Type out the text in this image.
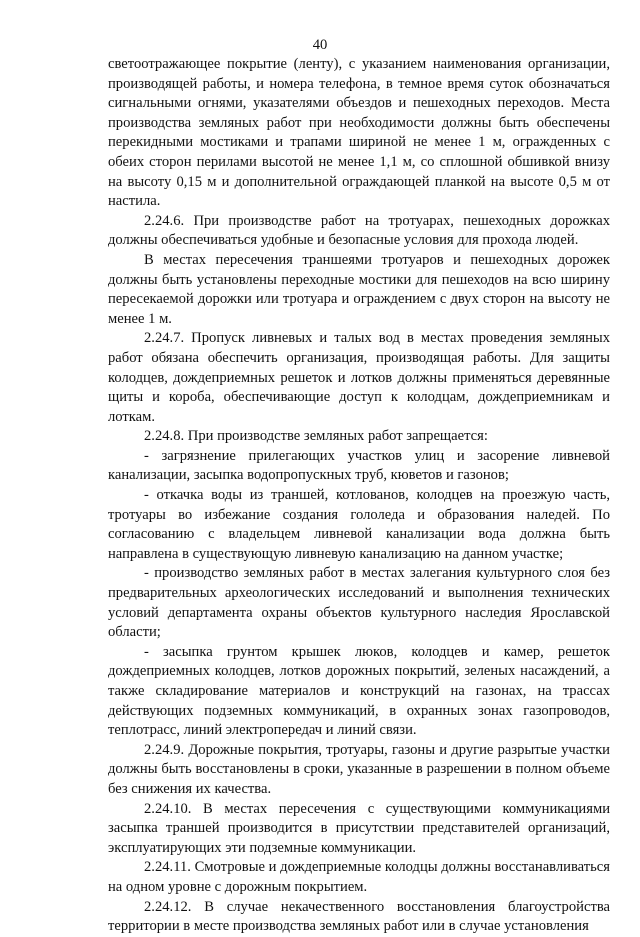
40

светоотражающее покрытие (ленту), с указанием наименования организации, производящей работы, и номера телефона, в темное время суток обозначаться сигнальными огнями, указателями объездов и пешеходных переходов. Места производства земляных работ при необходимости должны быть обеспечены перекидными мостиками и трапами шириной не менее 1 м, огражденных с обеих сторон перилами высотой не менее 1,1 м, со сплошной обшивкой внизу на высоту 0,15 м и дополнительной ограждающей планкой на высоте 0,5 м от настила.

2.24.6. При производстве работ на тротуарах, пешеходных дорожках должны обеспечиваться удобные и безопасные условия для прохода людей.

В местах пересечения траншеями тротуаров и пешеходных дорожек должны быть установлены переходные мостики для пешеходов на всю ширину пересекаемой дорожки или тротуара и ограждением с двух сторон на высоту не менее 1 м.

2.24.7. Пропуск ливневых и талых вод в местах проведения земляных работ обязана обеспечить организация, производящая работы. Для защиты колодцев, дождеприемных решеток и лотков должны применяться деревянные щиты и короба, обеспечивающие доступ к колодцам, дождеприемникам и лоткам.

2.24.8. При производстве земляных работ запрещается:

- загрязнение прилегающих участков улиц и засорение ливневой канализации, засыпка водопропускных труб, кюветов и газонов;

- откачка воды из траншей, котлованов, колодцев на проезжую часть, тротуары во избежание создания гололеда и образования наледей. По согласованию с владельцем ливневой канализации вода должна быть направлена в существующую ливневую канализацию на данном участке;

- производство земляных работ в местах залегания культурного слоя без предварительных археологических исследований и выполнения технических условий департамента охраны объектов культурного наследия Ярославской области;

- засыпка грунтом крышек люков, колодцев и камер, решеток дождеприемных колодцев, лотков дорожных покрытий, зеленых насаждений, а также складирование материалов и конструкций на газонах, на трассах действующих подземных коммуникаций, в охранных зонах газопроводов, теплотрасс, линий электропередач и линий связи.

2.24.9. Дорожные покрытия, тротуары, газоны и другие разрытые участки должны быть восстановлены в сроки, указанные в разрешении в полном объеме без снижения их качества.

2.24.10. В местах пересечения с существующими коммуникациями засыпка траншей производится в присутствии представителей организаций, эксплуатирующих эти подземные коммуникации.

2.24.11. Смотровые и дождеприемные колодцы должны восстанавливаться на одном уровне с дорожным покрытием.

2.24.12. В случае некачественного восстановления благоустройства территории в месте производства земляных работ или в случае установления
